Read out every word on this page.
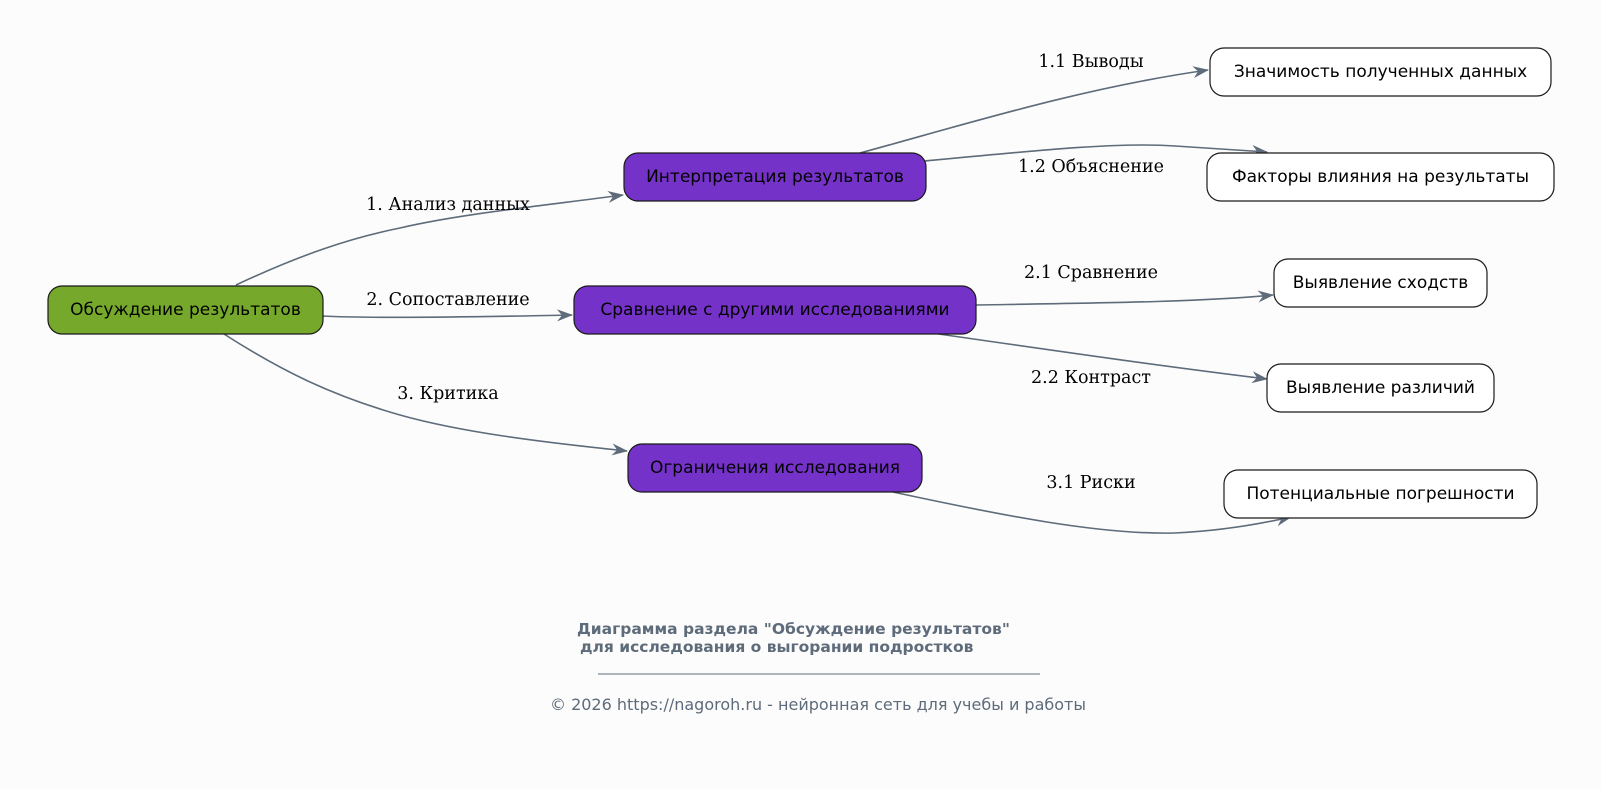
1. Анализ данных
2. Сопоставление
3. Критика
1.1 Выводы
1.2 Объяснение
2.1 Сравнение
2.2 Контраст
3.1 Риски
Обсуждение результатов
Интерпретация результатов
Сравнение с другими исследованиями
Ограничения исследования
Значимость полученных данных
Факторы влияния на результаты
Выявление сходств
Выявление различий
Потенциальные погрешности
Диаграмма раздела "Обсуждение результатов"
для исследования о выгорании подростков
© 2026 https://nagoroh.ru - нейронная сеть для учебы и работы
